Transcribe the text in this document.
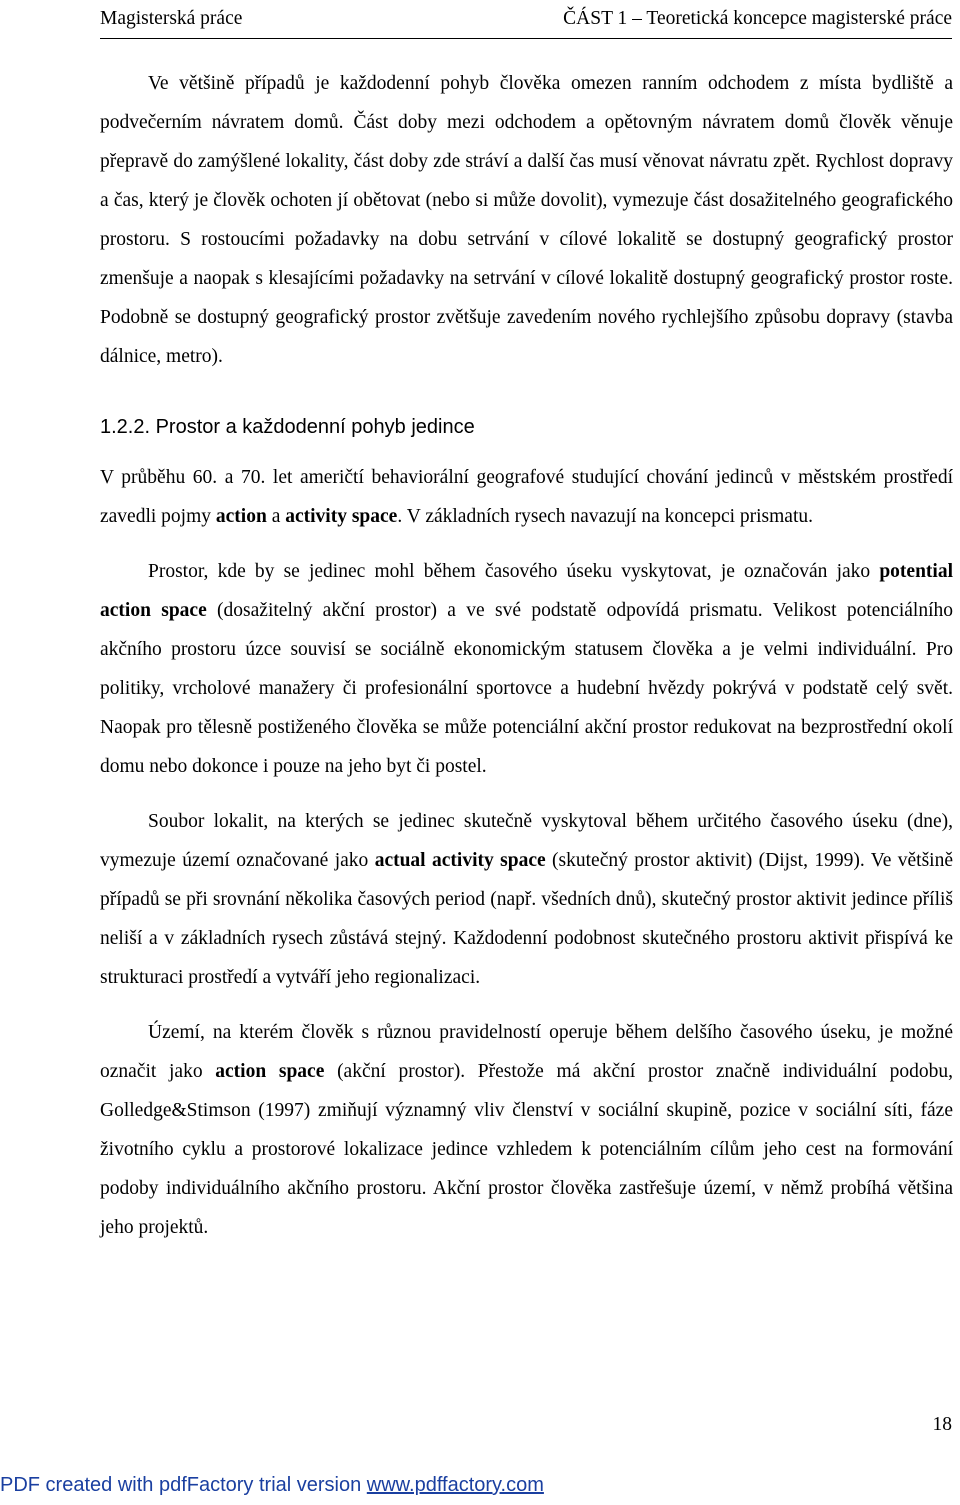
Magisterská práce	ČÁST 1 – Teoretická koncepce magisterské práce

Ve většině případů je každodenní pohyb člověka omezen ranním odchodem z místa bydliště a podvečerním návratem domů. Část doby mezi odchodem a opětovným návratem domů člověk věnuje přepravě do zamýšlené lokality, část doby zde stráví a další čas musí věnovat návratu zpět. Rychlost dopravy a čas, který je člověk ochoten jí obětovat (nebo si může dovolit), vymezuje část dosažitelného geografického prostoru. S rostoucími požadavky na dobu setrvání v cílové lokalitě se dostupný geografický prostor zmenšuje a naopak s klesajícími požadavky na setrvání v cílové lokalitě dostupný geografický prostor roste. Podobně se dostupný geografický prostor zvětšuje zavedením nového rychlejšího způsobu dopravy (stavba dálnice, metro).

1.2.2. Prostor a každodenní pohyb jedince

V průběhu 60. a 70. let američtí behaviorální geografové studující chování jedinců v městském prostředí zavedli pojmy action a activity space. V základních rysech navazují na koncepci prismatu.

Prostor, kde by se jedinec mohl během časového úseku vyskytovat, je označován jako potential action space (dosažitelný akční prostor) a ve své podstatě odpovídá prismatu. Velikost potenciálního akčního prostoru úzce souvisí se sociálně ekonomickým statusem člověka a je velmi individuální. Pro politiky, vrcholové manažery či profesionální sportovce a hudební hvězdy pokrývá v podstatě celý svět. Naopak pro tělesně postiženého člověka se může potenciální akční prostor redukovat na bezprostřední okolí domu nebo dokonce i pouze na jeho byt či postel.

Soubor lokalit, na kterých se jedinec skutečně vyskytoval během určitého časového úseku (dne), vymezuje území označované jako actual activity space (skutečný prostor aktivit) (Dijst, 1999). Ve většině případů se při srovnání několika časových period (např. všedních dnů), skutečný prostor aktivit jedince příliš neliší a v základních rysech zůstává stejný. Každodenní podobnost skutečného prostoru aktivit přispívá ke strukturaci prostředí a vytváří jeho regionalizaci.

Území, na kterém člověk s různou pravidelností operuje během delšího časového úseku, je možné označit jako action space (akční prostor). Přestože má akční prostor značně individuální podobu, Golledge&Stimson (1997) zmiňují významný vliv členství v sociální skupině, pozice v sociální síti, fáze životního cyklu a prostorové lokalizace jedince vzhledem k potenciálním cílům jeho cest na formování podoby individuálního akčního prostoru. Akční prostor člověka zastřešuje území, v němž probíhá většina jeho projektů.

18
PDF created with pdfFactory trial version www.pdffactory.com
